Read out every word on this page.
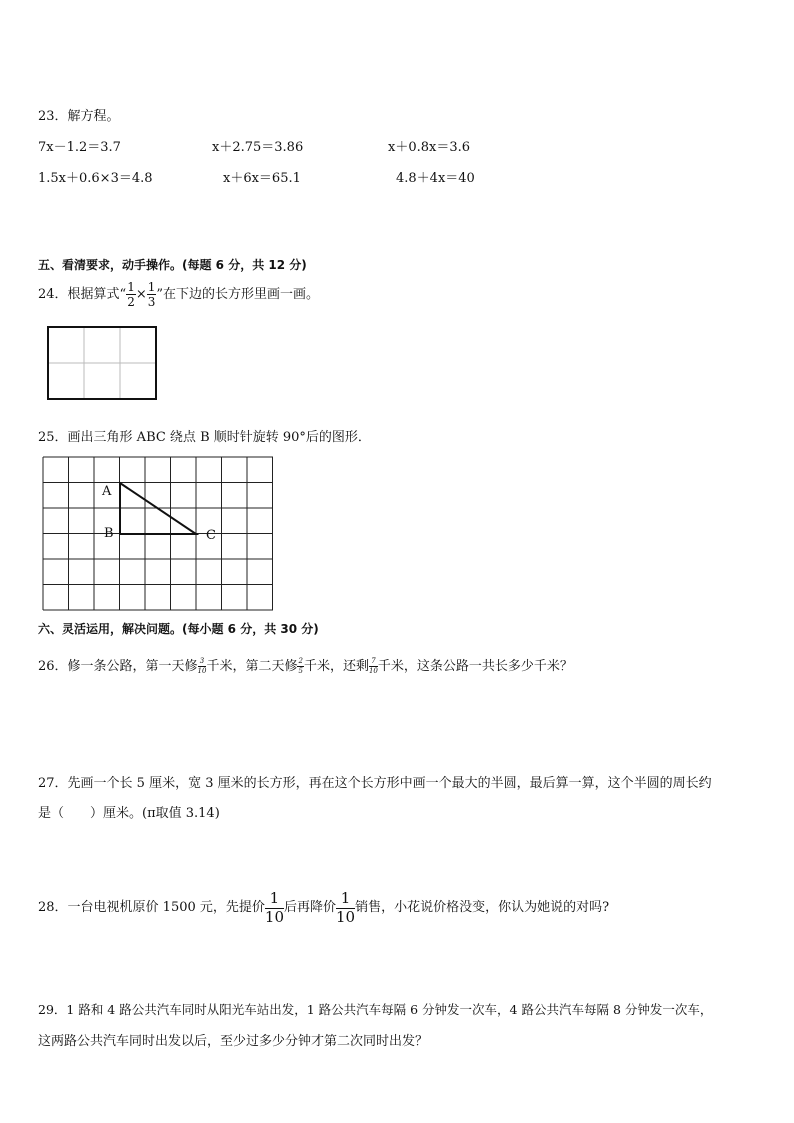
23．解方程。
7x－1.2＝3.7	x＋2.75＝3.86	x＋0.8x＝3.6
1.5x＋0.6×3＝4.8	x＋6x＝65.1	4.8＋4x＝40
五、看清要求，动手操作。(每题 6 分，共 12 分)
24．根据算式“ $\frac{1}{2} \times \frac{1}{3}$ ”在下边的长方形里画一画。
25．画出三角形 ABC 绕点 B 顺时针旋转 90°后的图形．
A
B	C
六、灵活运用，解决问题。(每小题 6 分，共 30 分)
26．修一条公路，第一天修 $\frac{3}{10}$ 千米，第二天修 $\frac{2}{5}$ 千米，还剩 $\frac{7}{10}$ 千米，这条公路一共长多少千米？
27．先画一个长 5 厘米，宽 3 厘米的长方形，再在这个长方形中画一个最大的半圆，最后算一算，这个半圆的周长约
是（　　）厘米。(π取值 3.14)
28．一台电视机原价 1500 元，先提价 $\frac{1}{10}$ 后再降价 $\frac{1}{10}$ 销售，小花说价格没变，你认为她说的对吗?
29．1 路和 4 路公共汽车同时从阳光车站出发，1 路公共汽车每隔 6 分钟发一次车，4 路公共汽车每隔 8 分钟发一次车，
这两路公共汽车同时出发以后，至少过多少分钟才第二次同时出发？
